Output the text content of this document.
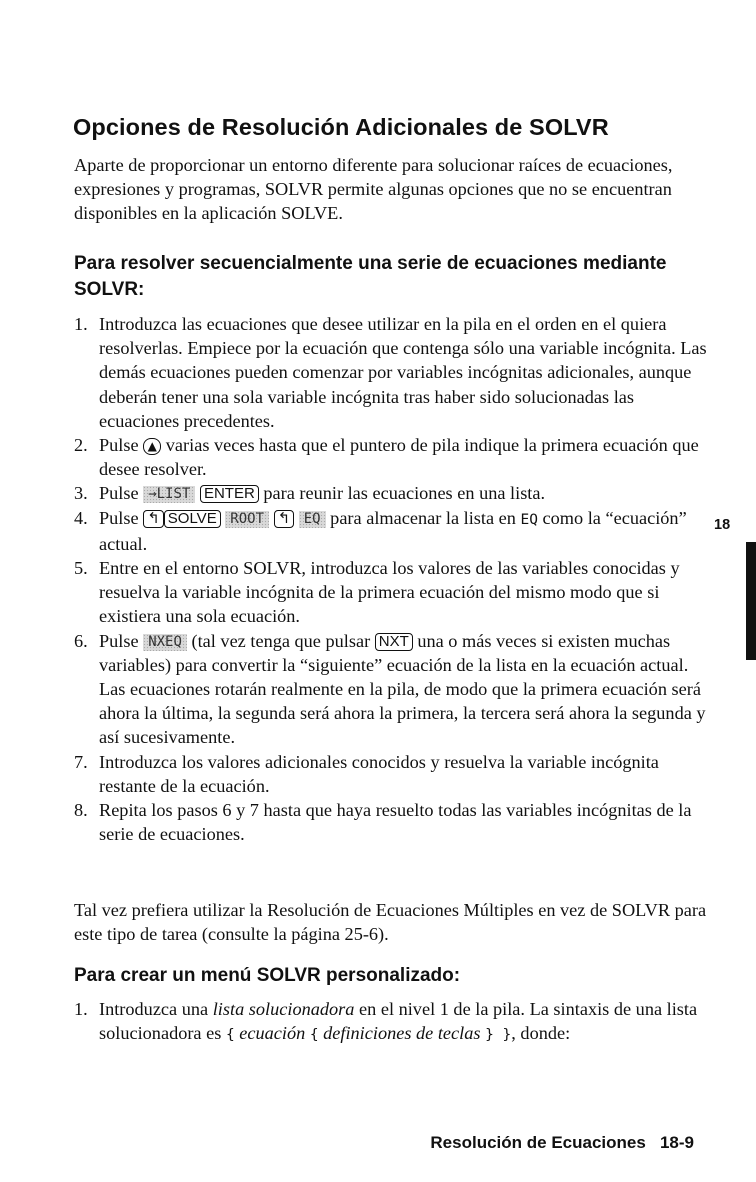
Opciones de Resolución Adicionales de SOLVR

Aparte de proporcionar un entorno diferente para solucionar raíces de ecuaciones, expresiones y programas, SOLVR permite algunas opciones que no se encuentran disponibles en la aplicación SOLVE.

Para resolver secuencialmente una serie de ecuaciones mediante SOLVR:
1. Introduzca las ecuaciones que desee utilizar en la pila en el orden en el quiera resolverlas. Empiece por la ecuación que contenga sólo una variable incógnita. Las demás ecuaciones pueden comenzar por variables incógnitas adicionales, aunque deberán tener una sola variable incógnita tras haber sido solucionadas las ecuaciones precedentes.
2. Pulse ▲ varias veces hasta que el puntero de pila indique la primera ecuación que desee resolver.
3. Pulse →LIST ENTER para reunir las ecuaciones en una lista.
4. Pulse ↰ SOLVE ROOT ↰ EQ para almacenar la lista en EQ como la “ecuación” actual.
5. Entre en el entorno SOLVR, introduzca los valores de las variables conocidas y resuelva la variable incógnita de la primera ecuación del mismo modo que si existiera una sola ecuación.
6. Pulse NXEQ (tal vez tenga que pulsar NXT una o más veces si existen muchas variables) para convertir la “siguiente” ecuación de la lista en la ecuación actual. Las ecuaciones rotarán realmente en la pila, de modo que la primera ecuación será ahora la última, la segunda será ahora la primera, la tercera será ahora la segunda y así sucesivamente.
7. Introduzca los valores adicionales conocidos y resuelva la variable incógnita restante de la ecuación.
8. Repita los pasos 6 y 7 hasta que haya resuelto todas las variables incógnitas de la serie de ecuaciones.

Tal vez prefiera utilizar la Resolución de Ecuaciones Múltiples en vez de SOLVR para este tipo de tarea (consulte la página 25-6).

Para crear un menú SOLVR personalizado:
1. Introduzca una lista solucionadora en el nivel 1 de la pila. La sintaxis de una lista solucionadora es { ecuación { definiciones de teclas } }, donde:
18
Resolución de Ecuaciones   18-9
